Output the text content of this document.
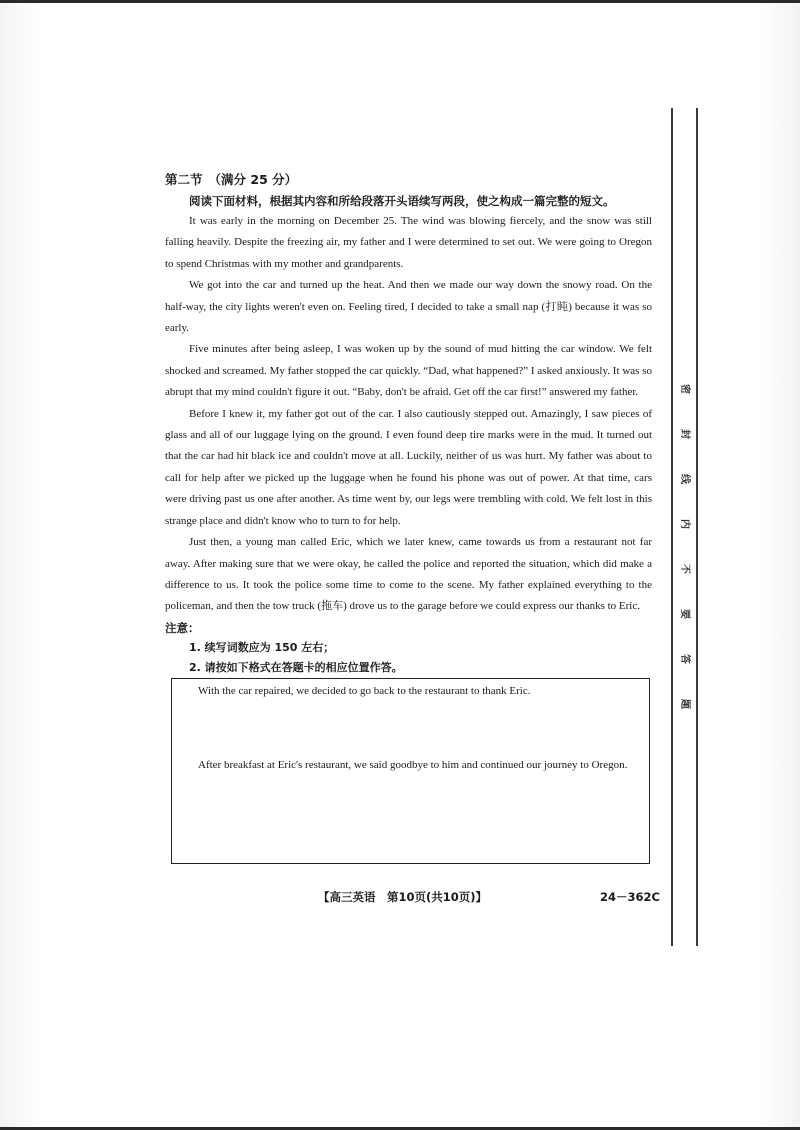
第二节 （满分 25 分）

阅读下面材料，根据其内容和所给段落开头语续写两段，使之构成一篇完整的短文。

It was early in the morning on December 25. The wind was blowing fiercely, and the snow was still falling heavily. Despite the freezing air, my father and I were determined to set out. We were going to Oregon to spend Christmas with my mother and grandparents.

We got into the car and turned up the heat. And then we made our way down the snowy road. On the half-way, the city lights weren't even on. Feeling tired, I decided to take a small nap (打盹) because it was so early.

Five minutes after being asleep, I was woken up by the sound of mud hitting the car window. We felt shocked and screamed. My father stopped the car quickly. “Dad, what happened?” I asked anxiously. It was so abrupt that my mind couldn't figure it out. “Baby, don't be afraid. Get off the car first!” answered my father.

Before I knew it, my father got out of the car. I also cautiously stepped out. Amazingly, I saw pieces of glass and all of our luggage lying on the ground. I even found deep tire marks were in the mud. It turned out that the car had hit black ice and couldn't move at all. Luckily, neither of us was hurt. My father was about to call for help after we picked up the luggage when he found his phone was out of power. At that time, cars were driving past us one after another. As time went by, our legs were trembling with cold. We felt lost in this strange place and didn't know who to turn to for help.

Just then, a young man called Eric, which we later knew, came towards us from a restaurant not far away. After making sure that we were okay, he called the police and reported the situation, which did make a difference to us. It took the police some time to come to the scene. My father explained everything to the policeman, and then the tow truck (拖车) drove us to the garage before we could express our thanks to Eric.

注意：

1. 续写词数应为 150 左右；

2. 请按如下格式在答题卡的相应位置作答。

With the car repaired, we decided to go back to the restaurant to thank Eric.

After breakfast at Eric's restaurant, we said goodbye to him and continued our journey to Oregon.

【高三英语　第10页(共10页)】	24－362C
密
封
线
内
不
要
答
题
